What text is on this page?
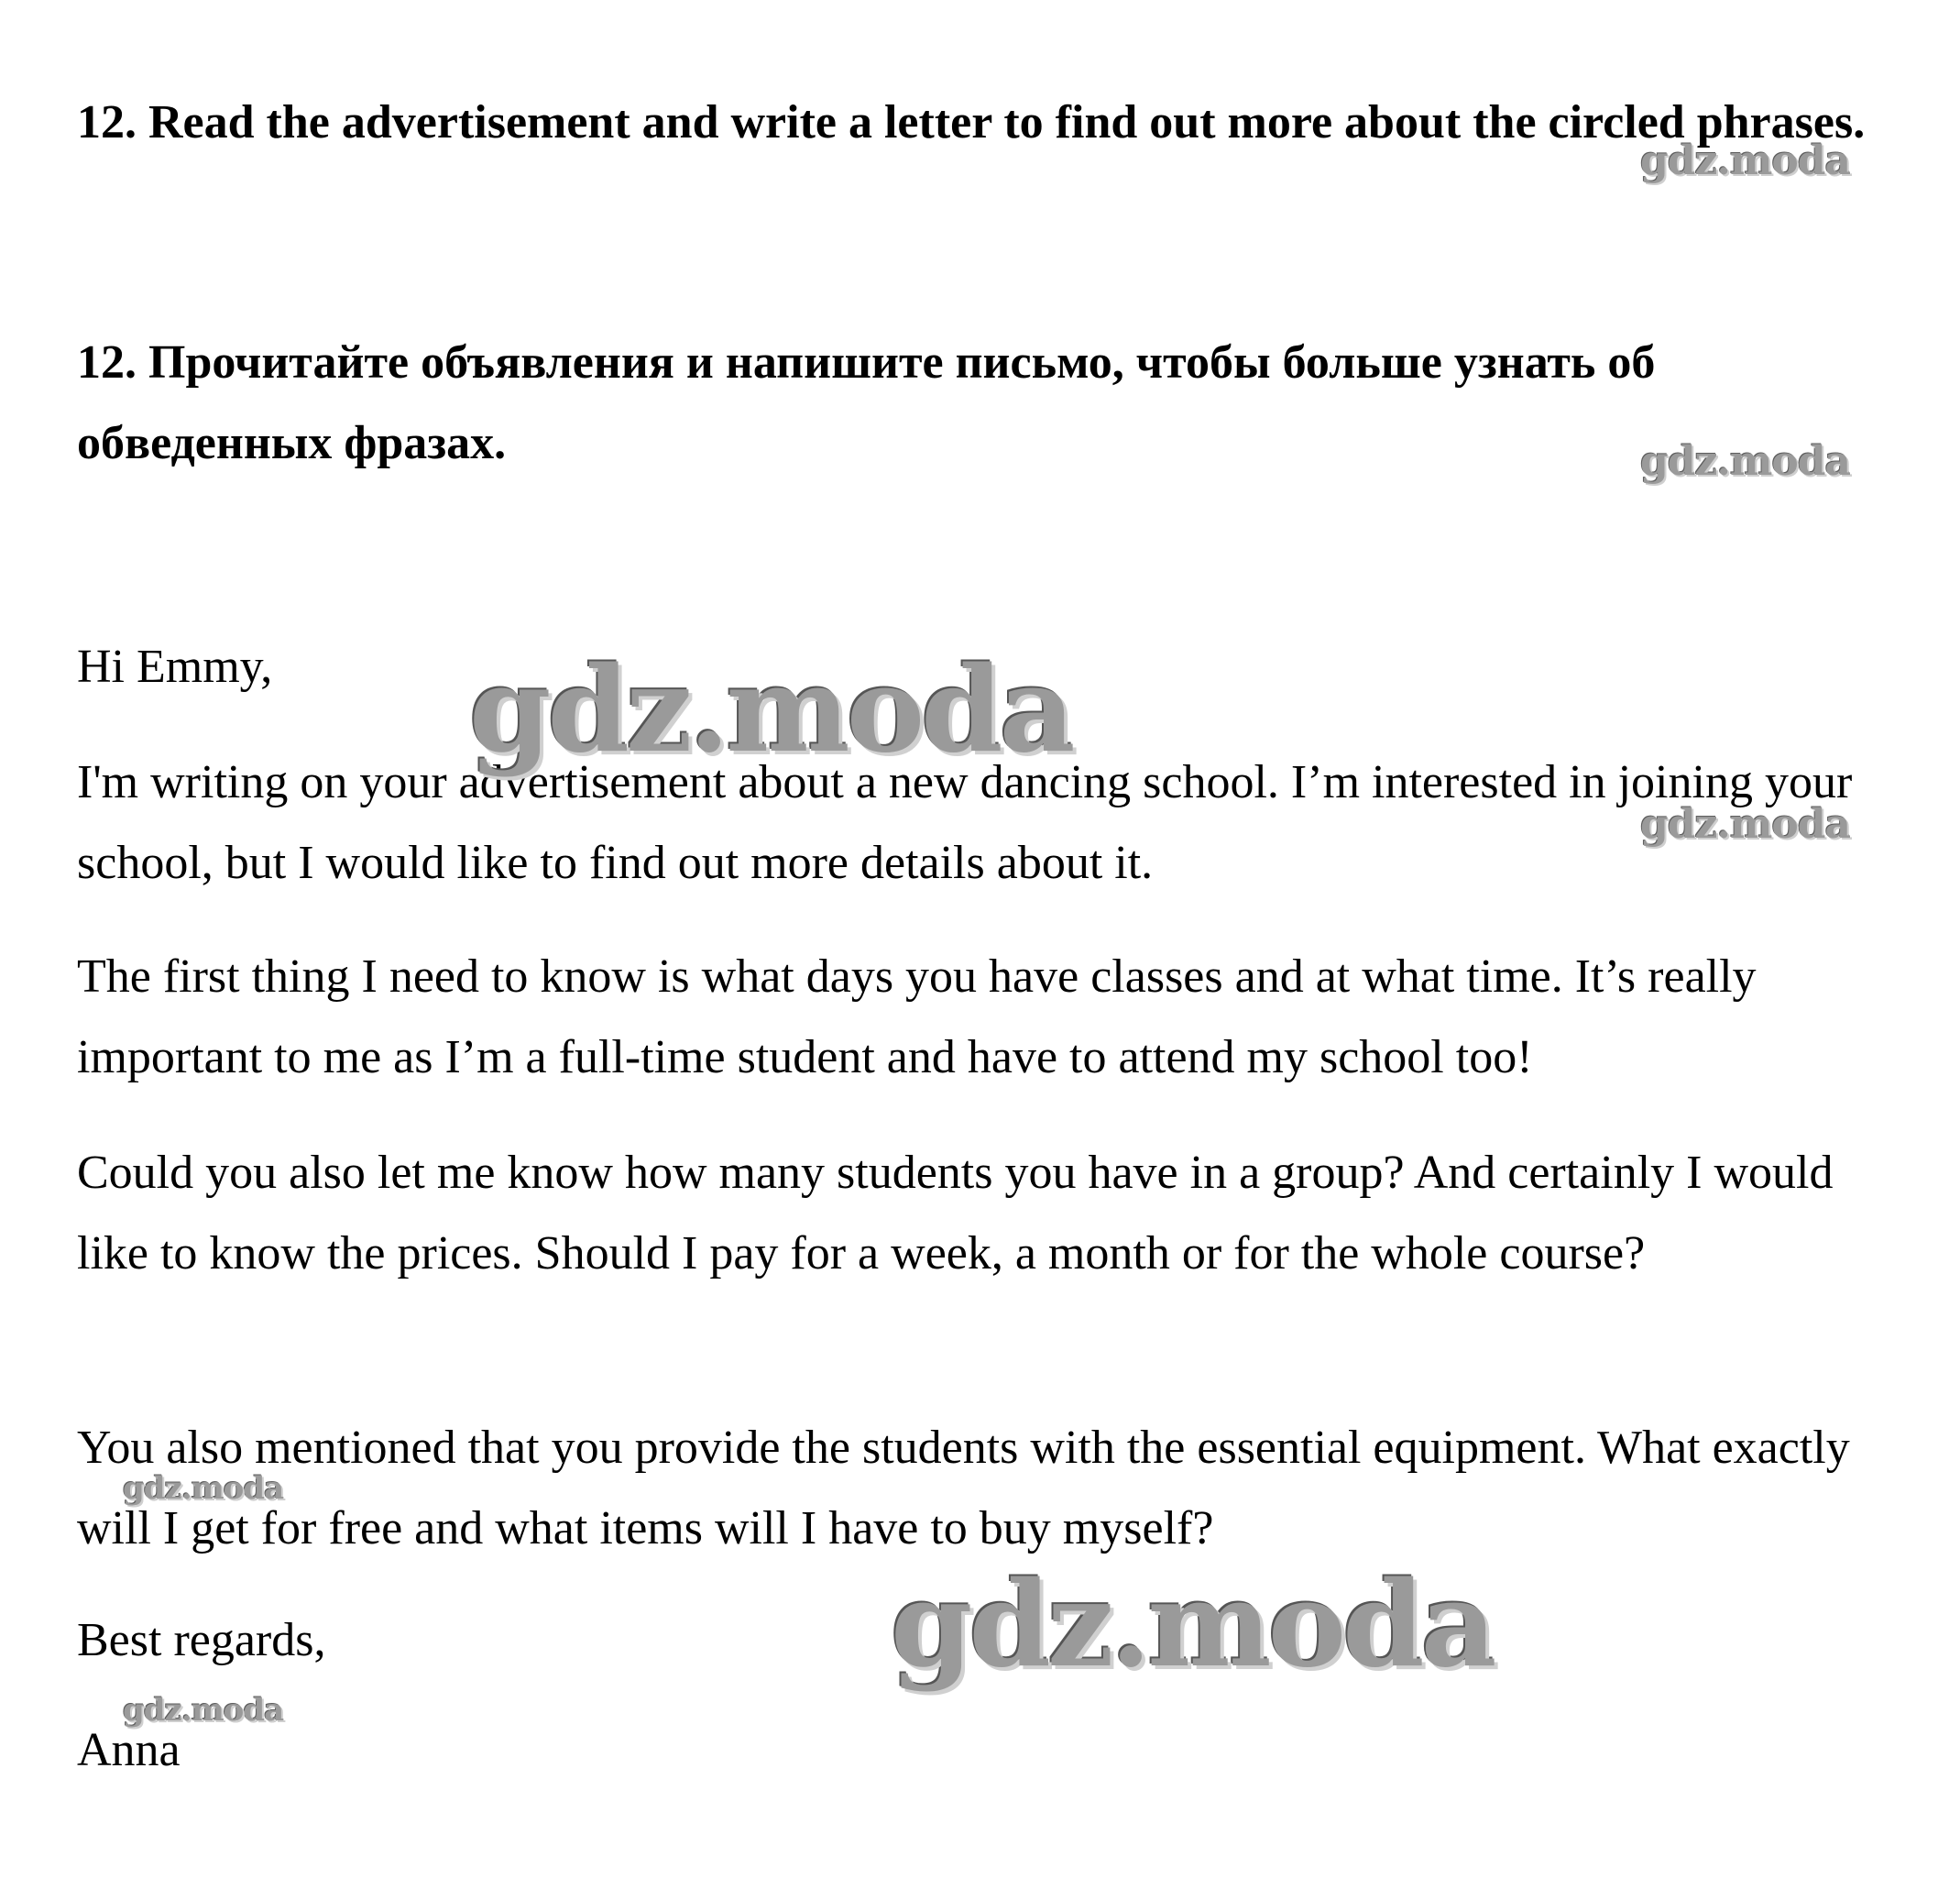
12. Read the advertisement and write a letter to find out more about the circled phrases.

12. Прочитайте объявления и напишите письмо, чтобы больше узнать об обведенных фразах.

Hi Emmy,

I'm writing on your advertisement about a new dancing school. I’m interested in joining your school, but I would like to find out more details about it.

The first thing I need to know is what days you have classes and at what time. It’s really important to me as I’m a full-time student and have to attend my school too!

Could you also let me know how many students you have in a group? And certainly I would like to know the prices. Should I pay for a week, a month or for the whole course?

You also mentioned that you provide the students with the essential equipment. What exactly will I get for free and what items will I have to buy myself?

Best regards,

Anna

gdz.moda
gdz.moda
gdz.moda
gdz.moda
gdz.moda
gdz.moda
gdz.moda
